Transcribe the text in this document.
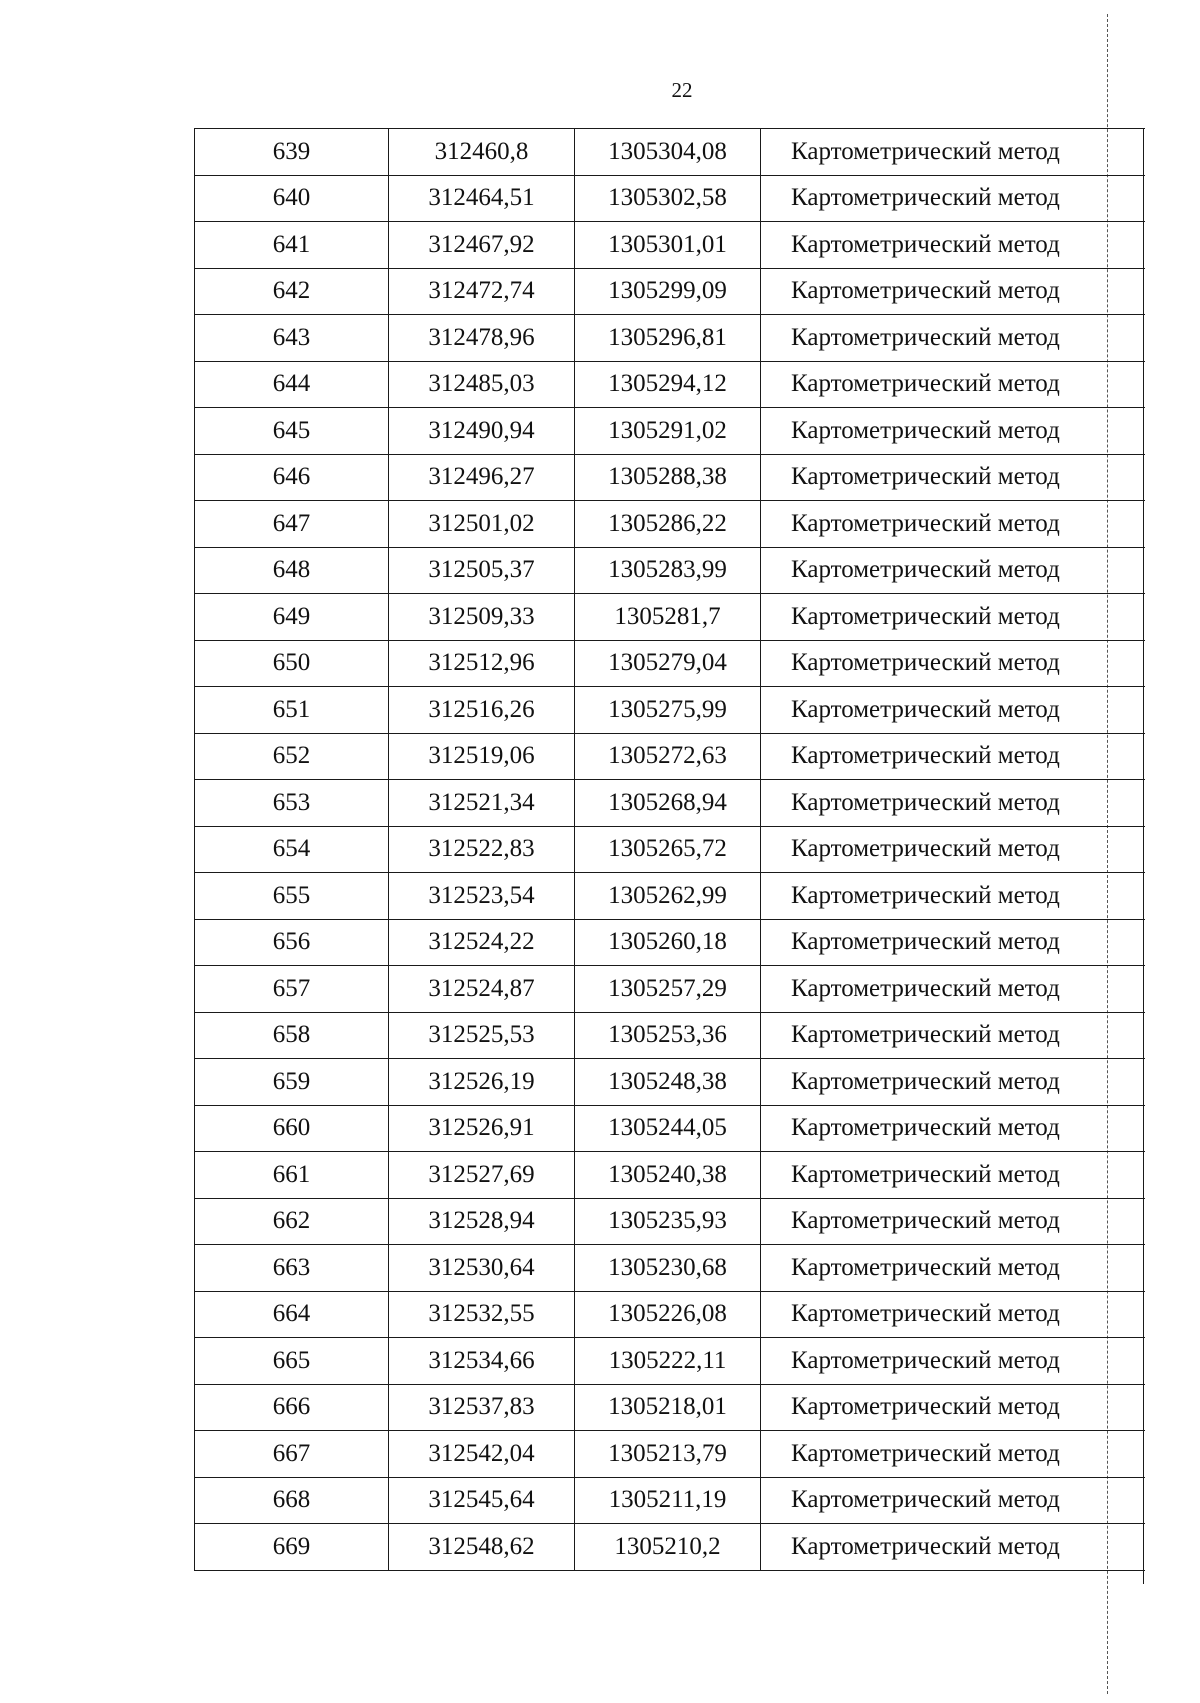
22
639	312460,8	1305304,08	Картометрический метод
640	312464,51	1305302,58	Картометрический метод
641	312467,92	1305301,01	Картометрический метод
642	312472,74	1305299,09	Картометрический метод
643	312478,96	1305296,81	Картометрический метод
644	312485,03	1305294,12	Картометрический метод
645	312490,94	1305291,02	Картометрический метод
646	312496,27	1305288,38	Картометрический метод
647	312501,02	1305286,22	Картометрический метод
648	312505,37	1305283,99	Картометрический метод
649	312509,33	1305281,7	Картометрический метод
650	312512,96	1305279,04	Картометрический метод
651	312516,26	1305275,99	Картометрический метод
652	312519,06	1305272,63	Картометрический метод
653	312521,34	1305268,94	Картометрический метод
654	312522,83	1305265,72	Картометрический метод
655	312523,54	1305262,99	Картометрический метод
656	312524,22	1305260,18	Картометрический метод
657	312524,87	1305257,29	Картометрический метод
658	312525,53	1305253,36	Картометрический метод
659	312526,19	1305248,38	Картометрический метод
660	312526,91	1305244,05	Картометрический метод
661	312527,69	1305240,38	Картометрический метод
662	312528,94	1305235,93	Картометрический метод
663	312530,64	1305230,68	Картометрический метод
664	312532,55	1305226,08	Картометрический метод
665	312534,66	1305222,11	Картометрический метод
666	312537,83	1305218,01	Картометрический метод
667	312542,04	1305213,79	Картометрический метод
668	312545,64	1305211,19	Картометрический метод
669	312548,62	1305210,2	Картометрический метод
